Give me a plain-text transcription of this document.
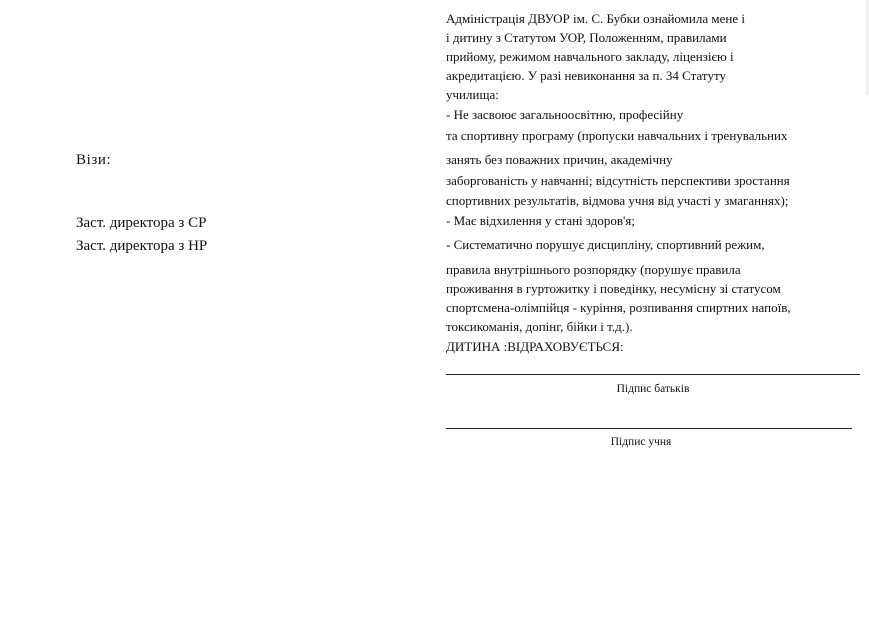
Візи:
Заст. директора з СР
Заст. директора з НР
Адміністрація ДВУОР ім. С. Бубки ознайомила мене і
і дитину з Статутом УОР, Положенням, правилами
прийому, режимом навчального закладу, ліцензією і
акредитацією. У разі невиконання за п. 34 Статуту
училища:
- Не засвоює загальноосвітню, професійну
та спортивну програму (пропуски навчальних і тренувальних
занять без поважних причин, академічну
заборгованість у навчанні; відсутність перспективи зростання
спортивних результатів, відмова учня від участі у змаганнях);
- Має відхилення у стані здоров'я;
- Систематично порушує дисципліну, спортивний режим,
правила внутрішнього розпорядку (порушує правила
проживання в гуртожитку і поведінку, несумісну зі статусом
спортсмена-олімпійця - куріння, розпивання спиртних напоїв,
токсикоманія, допінг, бійки і т.д.).
ДИТИНА :ВІДРАХОВУЄТЬСЯ:
Підпис батьків
Підпис учня
